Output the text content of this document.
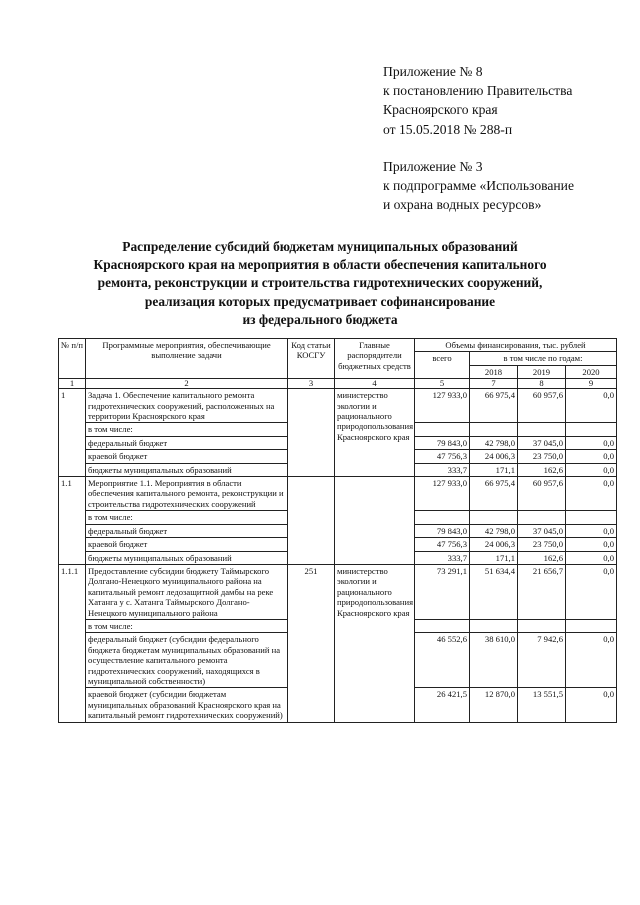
Приложение № 8
к постановлению Правительства
Красноярского края
от 15.05.2018 № 288-п
Приложение № 3
к подпрограмме «Использование
и охрана водных ресурсов»
Распределение субсидий бюджетам муниципальных образований
Красноярского края на мероприятия в области обеспечения капитального
ремонта, реконструкции и строительства гидротехнических сооружений,
реализация которых предусматривает софинансирование
из федерального бюджета
№ п/п	Программные мероприятия, обеспечивающие выполнение задачи	Код статьи КОСГУ	Главные распорядители бюджетных средств	Объемы финансирования, тыс. рублей			
				всего	в том числе по годам:		
					2018	2019	2020
1	2	3	4	5	7	8	9
1	Задача 1. Обеспечение капитального ремонта гидротехнических сооружений, расположенных на территории Красноярского края		министерство экологии и рационального природопользования Красноярского края	127 933,0	66 975,4	60 957,6	0,0
	в том числе:						
	федеральный бюджет			79 843,0	42 798,0	37 045,0	0,0
	краевой бюджет			47 756,3	24 006,3	23 750,0	0,0
	бюджеты муниципальных образований			333,7	171,1	162,6	0,0
1.1	Мероприятие 1.1. Мероприятия в области обеспечения капитального ремонта, реконструкции и строительства гидротехнических сооружений			127 933,0	66 975,4	60 957,6	0,0
	в том числе:						
	федеральный бюджет			79 843,0	42 798,0	37 045,0	0,0
	краевой бюджет			47 756,3	24 006,3	23 750,0	0,0
	бюджеты муниципальных образований			333,7	171,1	162,6	0,0
1.1.1	Предоставление субсидии бюджету Таймырского Долгано-Ненецкого муниципального района на капитальный ремонт ледозащитной дамбы на реке Хатанга у с. Хатанга Таймырского Долгано-Ненецкого муниципального района	251	министерство экологии и рационального природопользования Красноярского края	73 291,1	51 634,4	21 656,7	0,0
	в том числе:						
	федеральный бюджет (субсидии федерального бюджета бюджетам муниципальных образований на осуществление капитального ремонта гидротехнических сооружений, находящихся в муниципальной собственности)			46 552,6	38 610,0	7 942,6	0,0
	краевой бюджет (субсидии бюджетам муниципальных образований Красноярского края на капитальный ремонт гидротехнических сооружений)			26 421,5	12 870,0	13 551,5	0,0
